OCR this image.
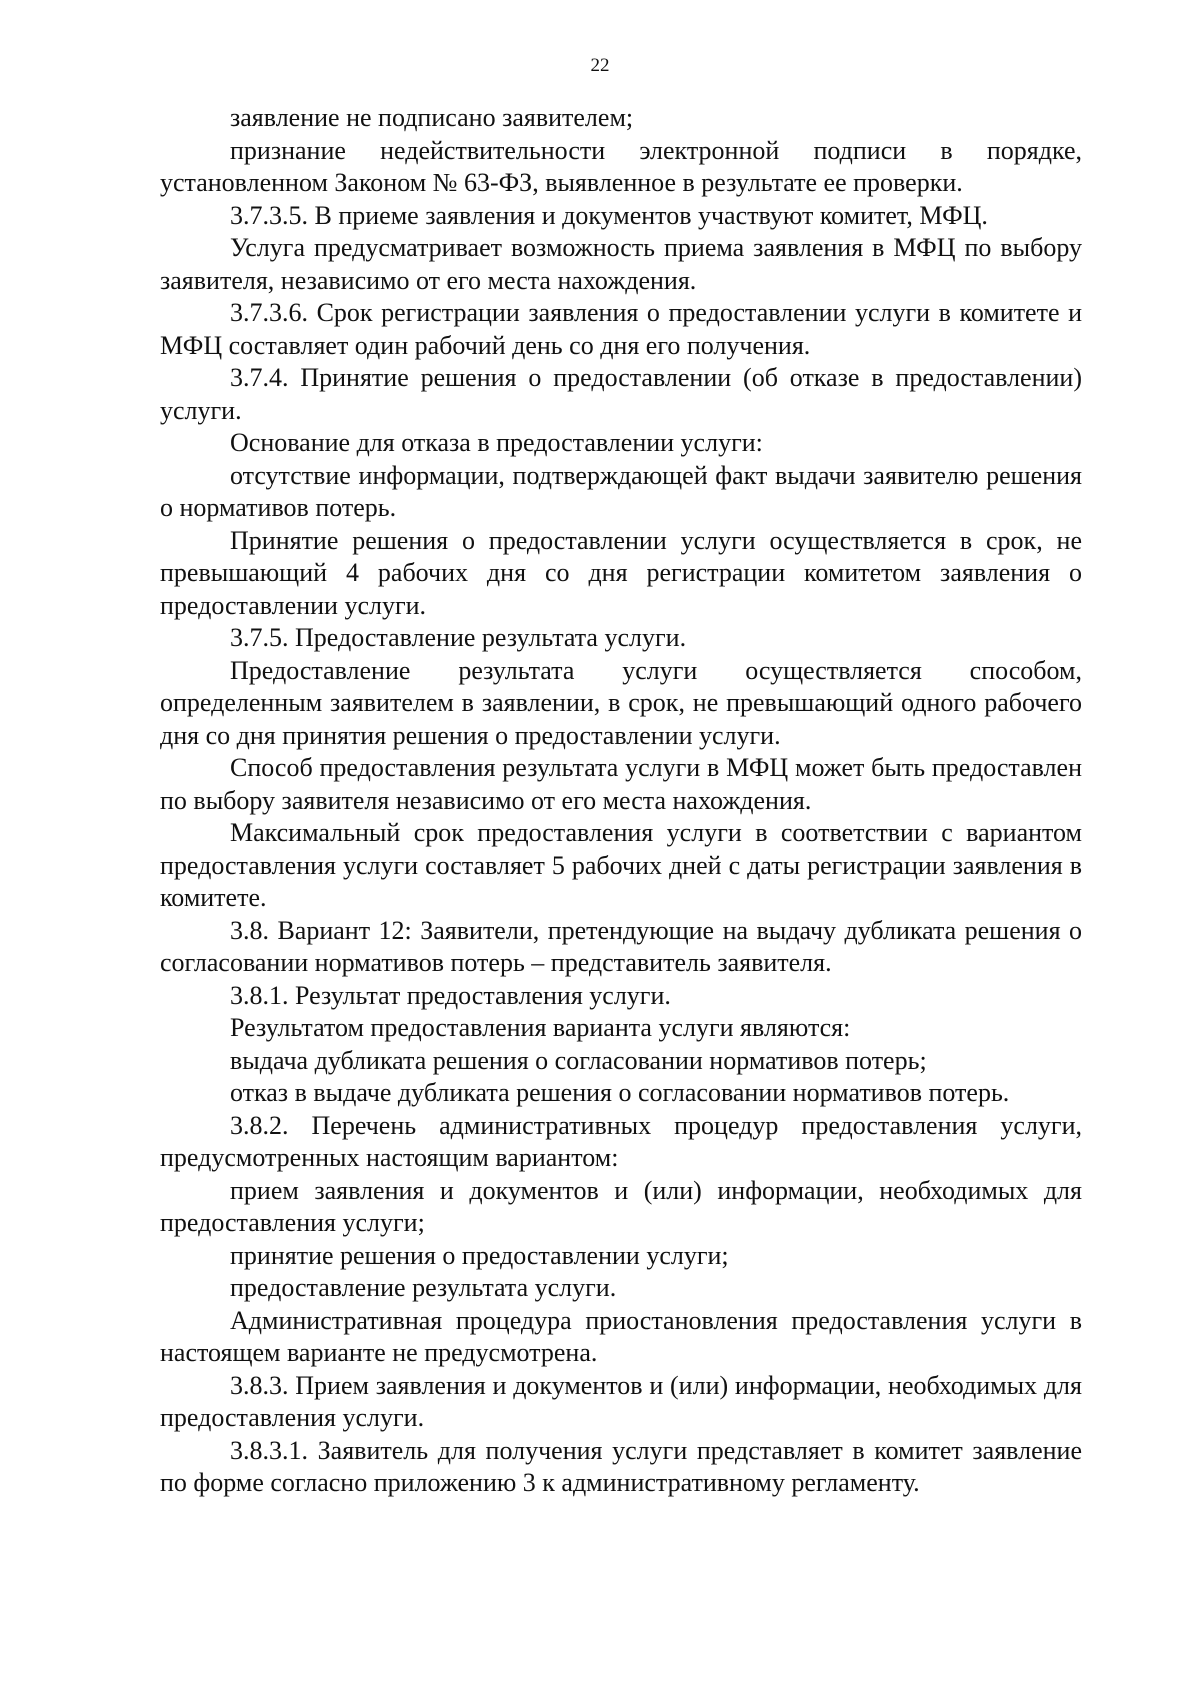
22

заявление не подписано заявителем;

признание недействительности электронной подписи в порядке, установленном Законом № 63-ФЗ, выявленное в результате ее проверки.

3.7.3.5. В приеме заявления и документов участвуют комитет, МФЦ.

Услуга предусматривает возможность приема заявления в МФЦ по выбору заявителя, независимо от его места нахождения.

3.7.3.6. Срок регистрации заявления о предоставлении услуги в комитете и МФЦ составляет один рабочий день со дня его получения.

3.7.4. Принятие решения о предоставлении (об отказе в предоставлении) услуги.

Основание для отказа в предоставлении услуги:

отсутствие информации, подтверждающей факт выдачи заявителю решения о нормативов потерь.

Принятие решения о предоставлении услуги осуществляется в срок, не превышающий 4 рабочих дня со дня регистрации комитетом заявления о предоставлении услуги.

3.7.5. Предоставление результата услуги.

Предоставление результата услуги осуществляется способом, определенным заявителем в заявлении, в срок, не превышающий одного рабочего дня со дня принятия решения о предоставлении услуги.

Способ предоставления результата услуги в МФЦ может быть предоставлен по выбору заявителя независимо от его места нахождения.

Максимальный срок предоставления услуги в соответствии с вариантом предоставления услуги составляет 5 рабочих дней с даты регистрации заявления в комитете.

3.8. Вариант 12: Заявители, претендующие на выдачу дубликата решения о согласовании нормативов потерь – представитель заявителя.

3.8.1. Результат предоставления услуги.

Результатом предоставления варианта услуги являются:

выдача дубликата решения о согласовании нормативов потерь;

отказ в выдаче дубликата решения о согласовании нормативов потерь.

3.8.2. Перечень административных процедур предоставления услуги, предусмотренных настоящим вариантом:

прием заявления и документов и (или) информации, необходимых для предоставления услуги;

принятие решения о предоставлении услуги;

предоставление результата услуги.

Административная процедура приостановления предоставления услуги в настоящем варианте не предусмотрена.

3.8.3. Прием заявления и документов и (или) информации, необходимых для предоставления услуги.

3.8.3.1. Заявитель для получения услуги представляет в комитет заявление по форме согласно приложению 3 к административному регламенту.
